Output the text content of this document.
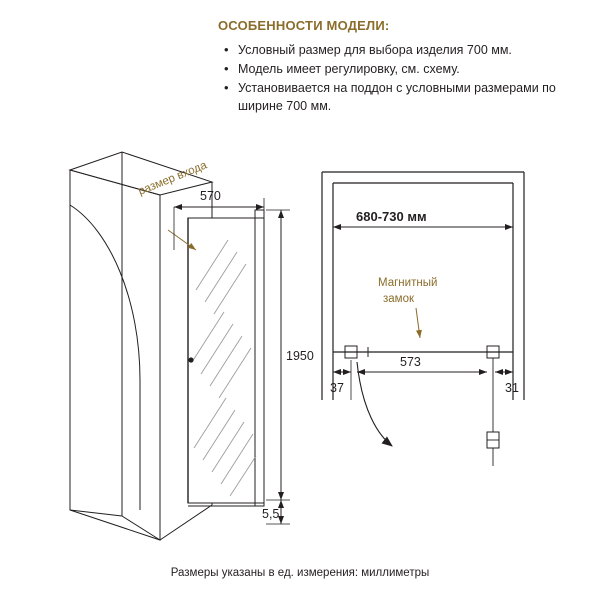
ОСОБЕННОСТИ МОДЕЛИ:
• Условный размер для выбора изделия 700 мм.
• Модель имеет регулировку, см. схему.
• Установивается на поддон с условными размерами по ширине 700 мм.
размер входа
570
1950
5,5
680-730 мм
Магнитный
замок
37
573
31
Размеры указаны в ед. измерения: миллиметры
